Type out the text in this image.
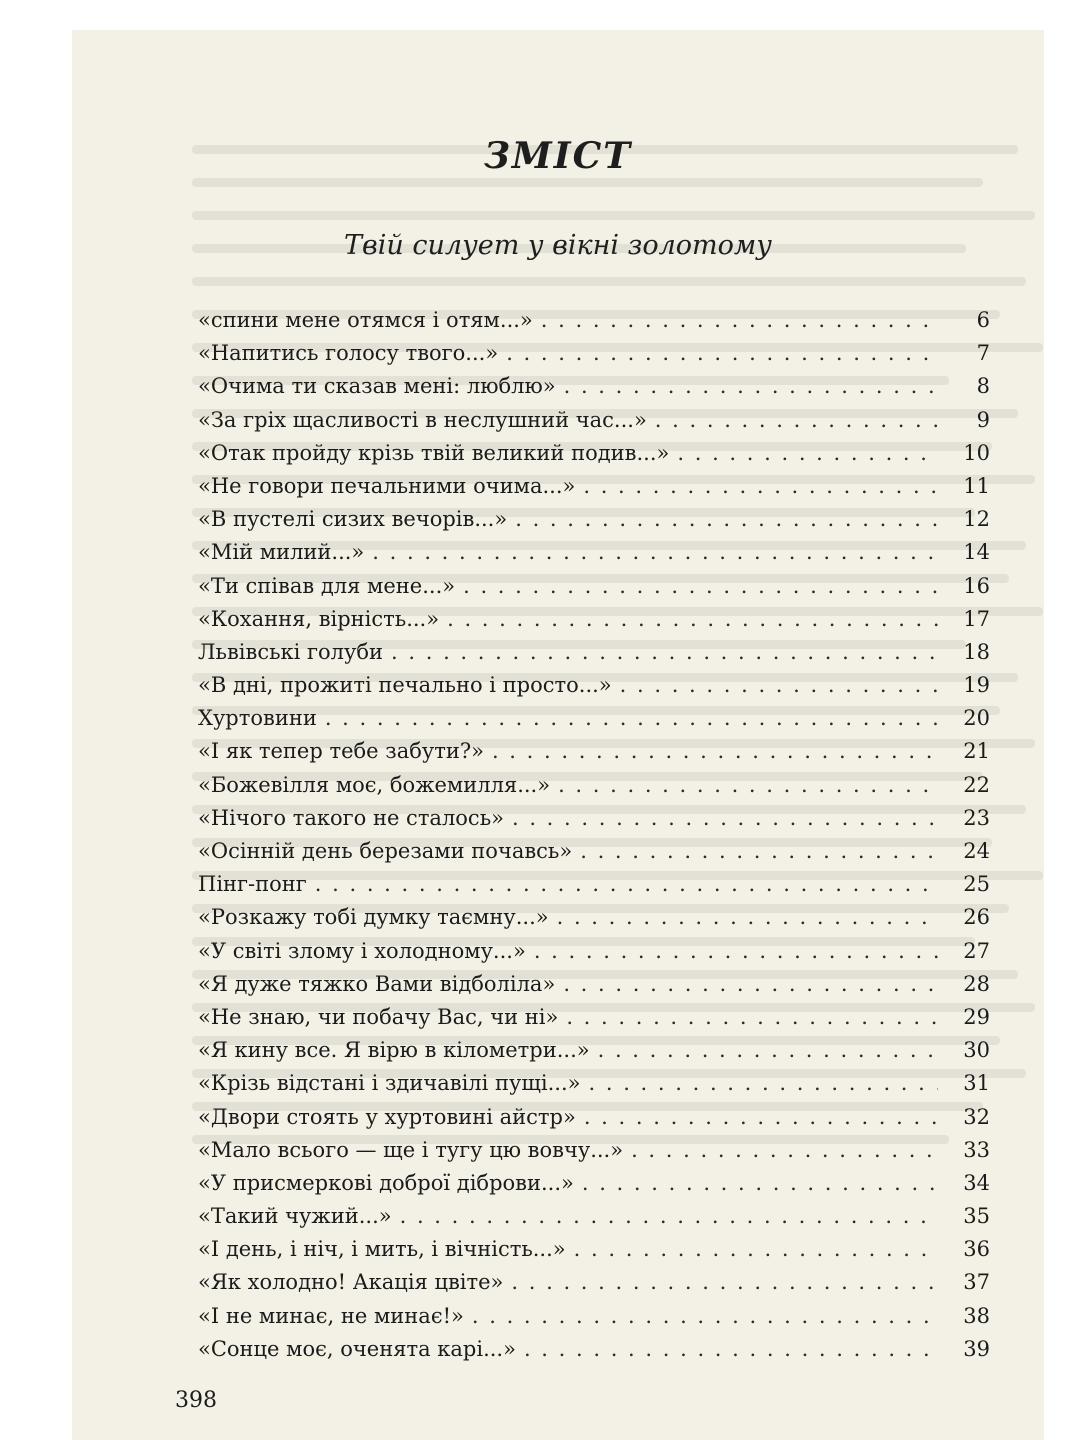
ЗМІСТ
Твій силует у вікні золотому
«спини мене отямся і отям...» . . .	6
«Напитись голосу твого...» . . .	7
«Очима ти сказав мені: люблю» . . .	8
«За гріх щасливості в неслушний час...» . . .	9
«Отак пройду крізь твій великий подив...» . . .	10
«Не говори печальними очима...» . . .	11
«В пустелі сизих вечорів...» . . .	12
«Мій милий...» . . .	14
«Ти співав для мене...» . . .	16
«Кохання, вірність...» . . .	17
Львівські голуби . . .	18
«В дні, прожиті печально і просто...» . . .	19
Хуртовини . . .	20
«І як тепер тебе забути?» . . .	21
«Божевілля моє, божемилля...» . . .	22
«Нічого такого не сталось» . . .	23
«Осінній день березами почавсь» . . .	24
Пінг-понг . . .	25
«Розкажу тобі думку таємну...» . . .	26
«У світі злому і холодному...» . . .	27
«Я дуже тяжко Вами відболіла» . . .	28
«Не знаю, чи побачу Вас, чи ні» . . .	29
«Я кину все. Я вірю в кілометри...» . . .	30
«Крізь відстані і здичавілі пущі...» . . .	31
«Двори стоять у хуртовині айстр» . . .	32
«Мало всього — ще і тугу цю вовчу...» . . .	33
«У присмеркові доброї діброви...» . . .	34
«Такий чужий...» . . .	35
«І день, і ніч, і мить, і вічність...» . . .	36
«Як холодно! Акація цвіте» . . .	37
«І не минає, не минає!» . . .	38
«Сонце моє, оченята карі...» . . .	39
398
